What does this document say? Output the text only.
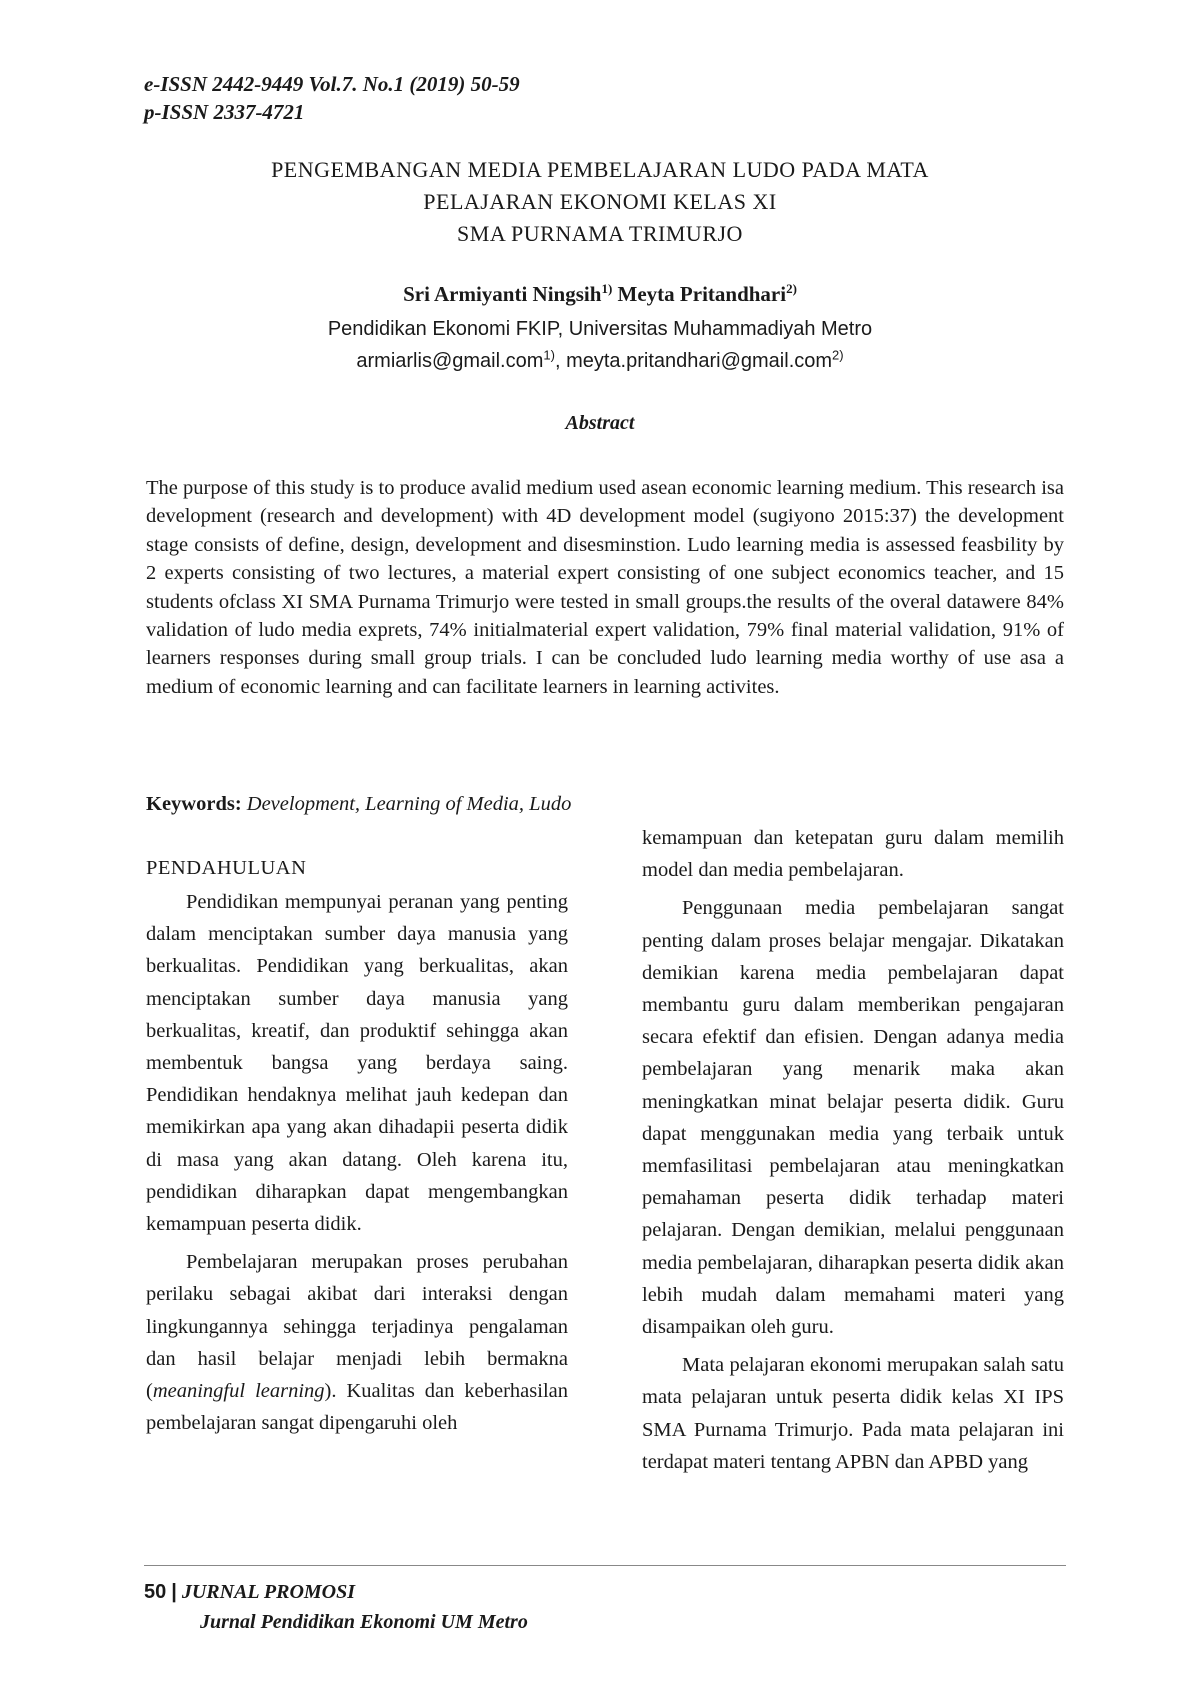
e-ISSN 2442-9449 Vol.7. No.1 (2019) 50-59
p-ISSN 2337-4721
PENGEMBANGAN MEDIA PEMBELAJARAN LUDO PADA MATA
PELAJARAN EKONOMI KELAS XI
SMA PURNAMA TRIMURJO
Sri Armiyanti Ningsih$^{1)}$ Meyta Pritandhari$^{2)}$
Pendidikan Ekonomi FKIP, Universitas Muhammadiyah Metro
armiarlis@gmail.com$^{1)}$, meyta.pritandhari@gmail.com$^{2)}$
Abstract
The purpose of this study is to produce avalid medium used asean economic learning medium. This research isa development (research and development) with 4D development model (sugiyono 2015:37) the development stage consists of define, design, development and disesminstion. Ludo learning media is assessed feasbility by 2 experts consisting of two lectures, a material expert consisting of one subject economics teacher, and 15 students ofclass XI SMA Purnama Trimurjo were tested in small groups.the results of the overal datawere 84% validation of ludo media exprets, 74% initialmaterial expert validation, 79% final material validation, 91% of learners responses during small group trials. I can be concluded ludo learning media worthy of use asa a medium of economic learning and can facilitate learners in learning activites.
Keywords: Development, Learning of Media, Ludo
PENDAHULUAN

Pendidikan mempunyai peranan yang penting dalam menciptakan sumber daya manusia yang berkualitas. Pendidikan yang berkualitas, akan menciptakan sumber daya manusia yang berkualitas, kreatif, dan produktif sehingga akan membentuk bangsa yang berdaya saing. Pendidikan hendaknya melihat jauh kedepan dan memikirkan apa yang akan dihadapii peserta didik di masa yang akan datang. Oleh karena itu, pendidikan diharapkan dapat mengembangkan kemampuan peserta didik.

Pembelajaran merupakan proses perubahan perilaku sebagai akibat dari interaksi dengan lingkungannya sehingga terjadinya pengalaman dan hasil belajar menjadi lebih bermakna (meaningful learning). Kualitas dan keberhasilan pembelajaran sangat dipengaruhi oleh

kemampuan dan ketepatan guru dalam memilih model dan media pembelajaran.

Penggunaan media pembelajaran sangat penting dalam proses belajar mengajar. Dikatakan demikian karena media pembelajaran dapat membantu guru dalam memberikan pengajaran secara efektif dan efisien. Dengan adanya media pembelajaran yang menarik maka akan meningkatkan minat belajar peserta didik. Guru dapat menggunakan media yang terbaik untuk memfasilitasi pembelajaran atau meningkatkan pemahaman peserta didik terhadap materi pelajaran. Dengan demikian, melalui penggunaan media pembelajaran, diharapkan peserta didik akan lebih mudah dalam memahami materi yang disampaikan oleh guru.

Mata pelajaran ekonomi merupakan salah satu mata pelajaran untuk peserta didik kelas XI IPS SMA Purnama Trimurjo. Pada mata pelajaran ini terdapat materi tentang APBN dan APBD yang

50 | JURNAL PROMOSI
Jurnal Pendidikan Ekonomi UM Metro
